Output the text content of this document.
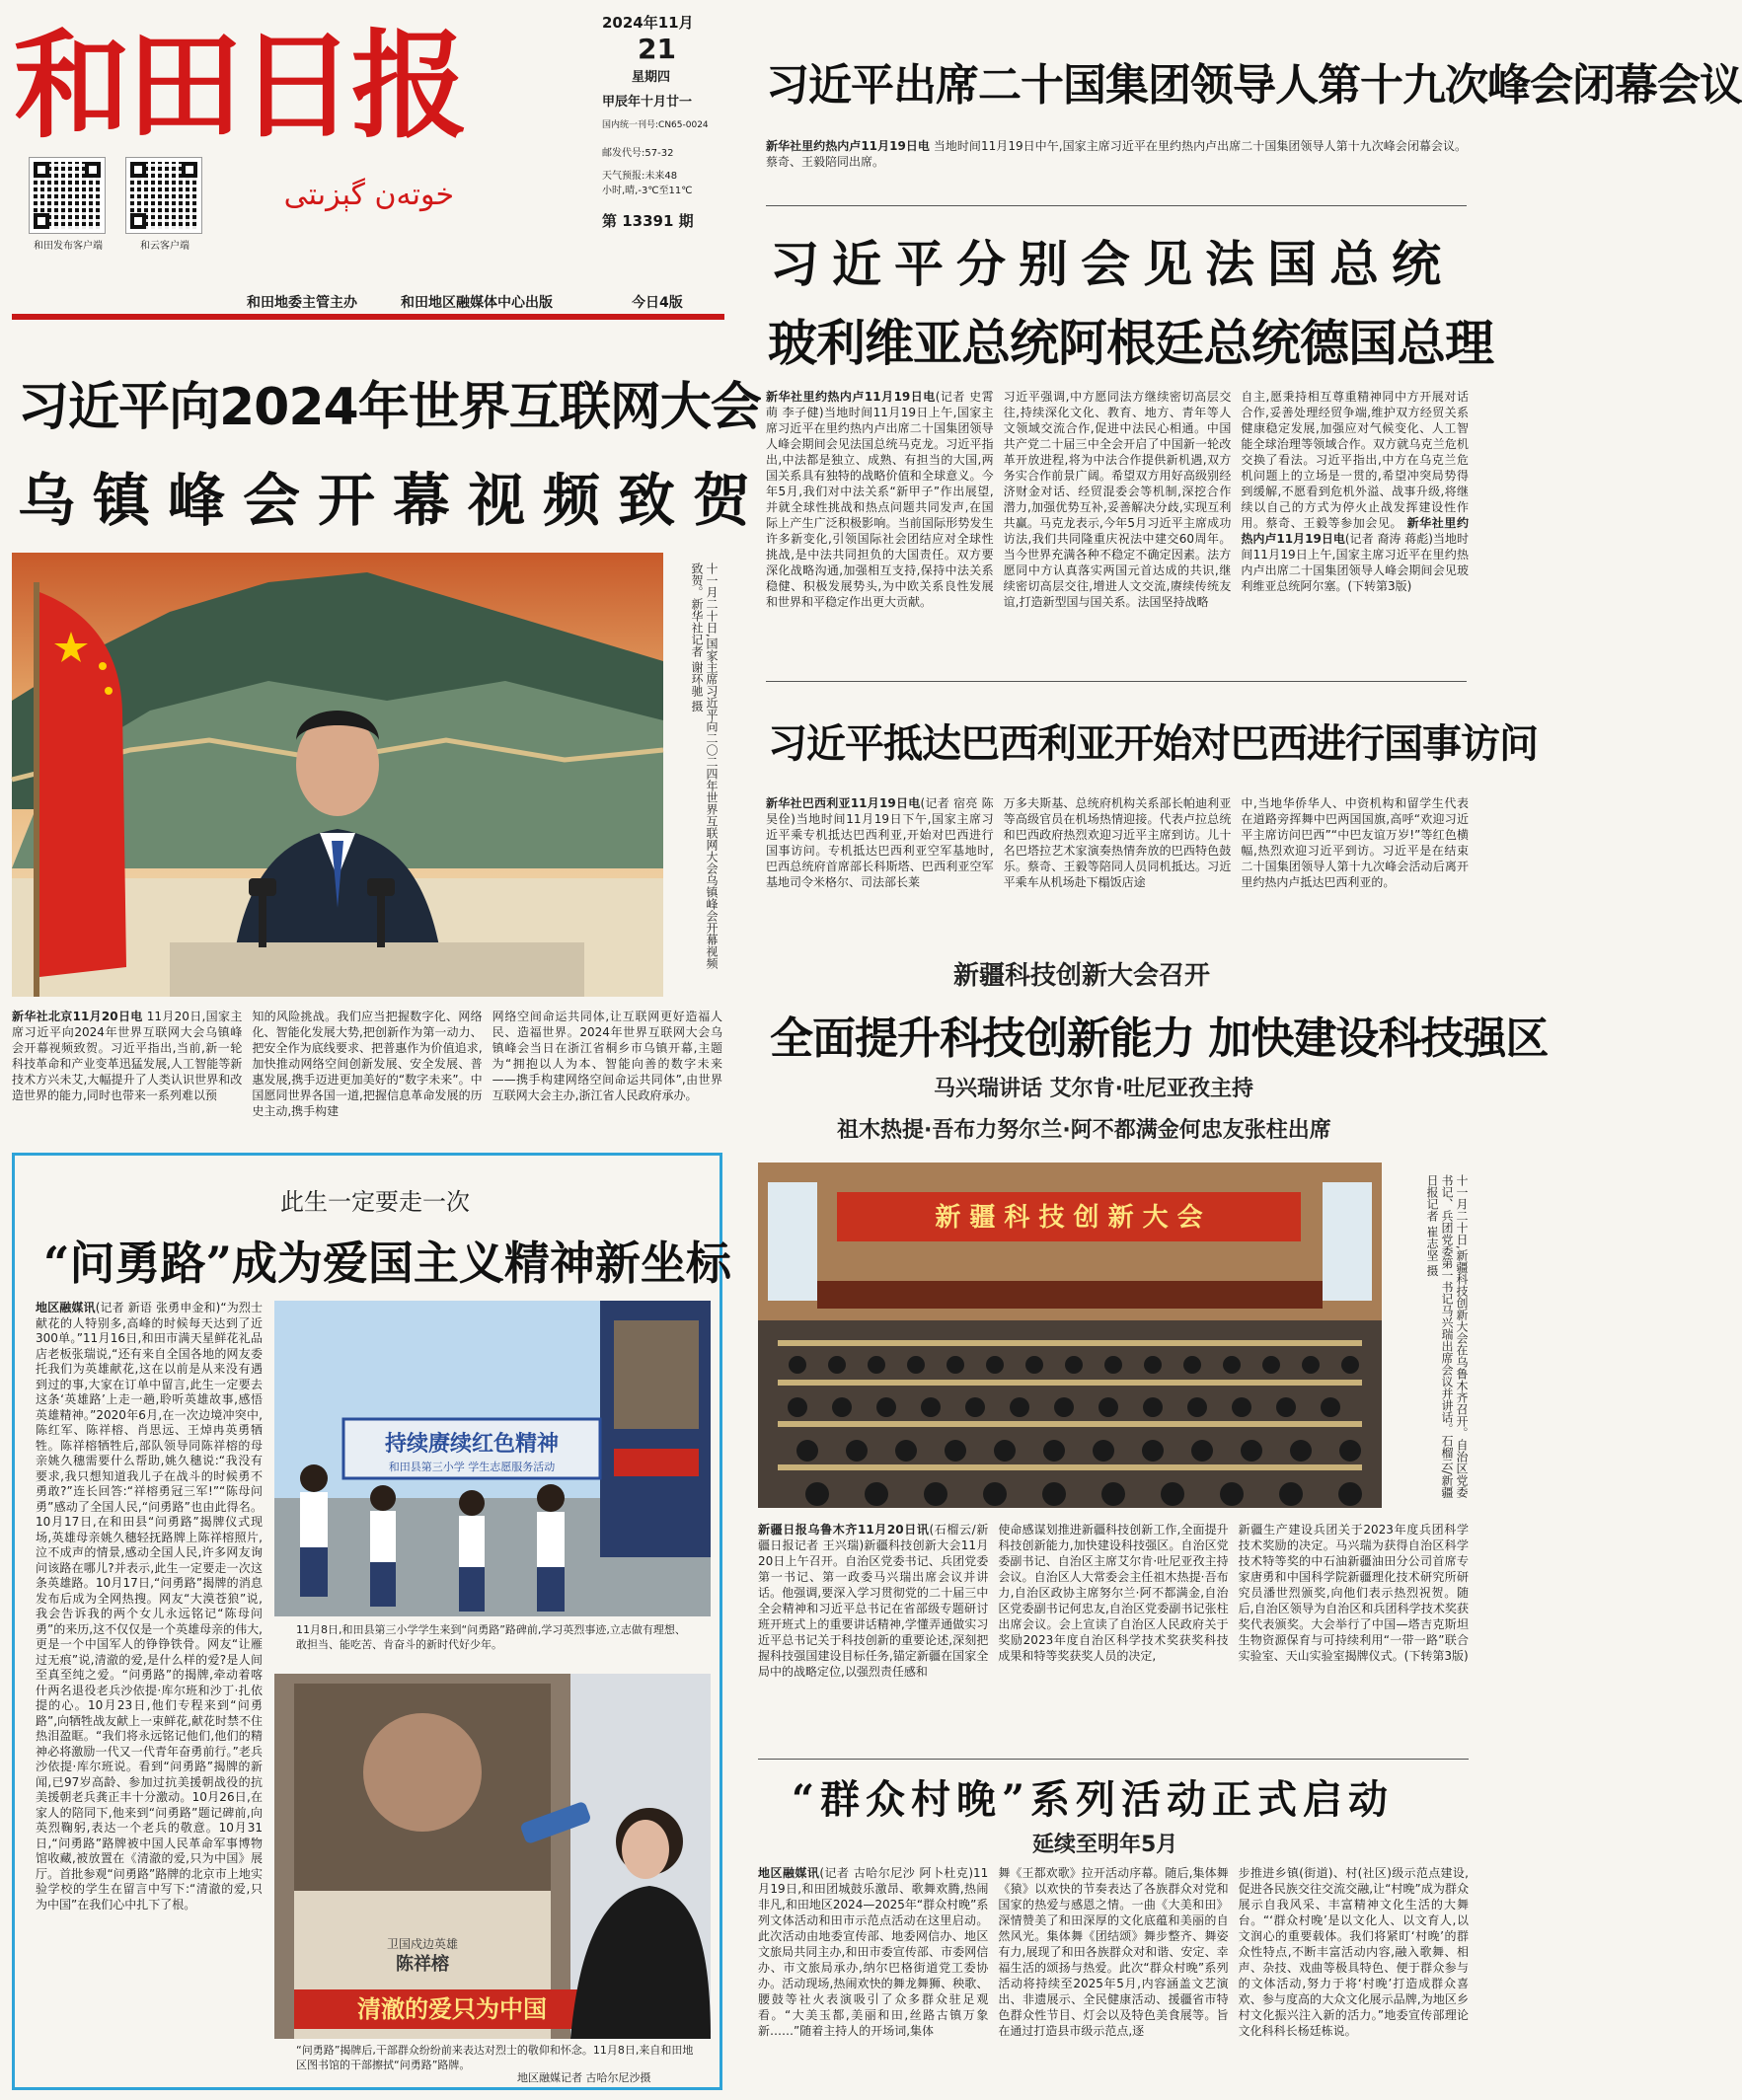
和田日报
和田发布客户端	和云客户端
خوتەن گېزىتى
和田地委主管主办	和田地区融媒体中心出版	今日4版
2024年11月
21
星期四
甲辰年十月廿一
国内统一刊号:CN65-0024
邮发代号:57-32
天气预报:未来48
小时,晴,-3℃至11℃
第 13391 期
习近平出席二十国集团领导人第十九次峰会闭幕会议
新华社里约热内卢11月19日电 当地时间11月19日中午,国家主席习近平在里约热内卢出席二十国集团领导人第十九次峰会闭幕会议。 蔡奇、王毅陪同出席。
习近平分别会见法国总统
玻利维亚总统阿根廷总统德国总理
新华社里约热内卢11月19日电(记者 史霄萌 李子健)当地时间11月19日上午,国家主席习近平在里约热内卢出席二十国集团领导人峰会期间会见法国总统马克龙。习近平指出,中法都是独立、成熟、有担当的大国,两国关系具有独特的战略价值和全球意义。今年5月,我们对中法关系“新甲子”作出展望,并就全球性挑战和热点问题共同发声,在国际上产生广泛积极影响。当前国际形势发生许多新变化,引领国际社会团结应对全球性挑战,是中法共同担负的大国责任。双方要深化战略沟通,加强相互支持,保持中法关系稳健、积极发展势头,为中欧关系良性发展和世界和平稳定作出更大贡献。
习近平强调,中方愿同法方继续密切高层交往,持续深化文化、教育、地方、青年等人文领域交流合作,促进中法民心相通。中国共产党二十届三中全会开启了中国新一轮改革开放进程,将为中法合作提供新机遇,双方务实合作前景广阔。希望双方用好高级别经济财金对话、经贸混委会等机制,深挖合作潜力,加强优势互补,妥善解决分歧,实现互利共赢。马克龙表示,今年5月习近平主席成功访法,我们共同隆重庆祝法中建交60周年。当今世界充满各种不稳定不确定因素。法方愿同中方认真落实两国元首达成的共识,继续密切高层交往,增进人文交流,赓续传统友谊,打造新型国与国关系。法国坚持战略
自主,愿秉持相互尊重精神同中方开展对话合作,妥善处理经贸争端,维护双方经贸关系健康稳定发展,加强应对气候变化、人工智能全球治理等领域合作。双方就乌克兰危机交换了看法。习近平指出,中方在乌克兰危机问题上的立场是一贯的,希望冲突局势得到缓解,不愿看到危机外溢、战事升级,将继续以自己的方式为停火止战发挥建设性作用。蔡奇、王毅等参加会见。 新华社里约热内卢11月19日电(记者 裔涛 蒋彪)当地时间11月19日上午,国家主席习近平在里约热内卢出席二十国集团领导人峰会期间会见玻利维亚总统阿尔塞。(下转第3版)
习近平向2024年世界互联网大会
乌镇峰会开幕视频致贺
十一月二十日,国家主席习近平向二〇二四年世界互联网大会乌镇峰会开幕视频致贺。新华社记者 谢环驰 摄
新华社北京11月20日电 11月20日,国家主席习近平向2024年世界互联网大会乌镇峰会开幕视频致贺。习近平指出,当前,新一轮科技革命和产业变革迅猛发展,人工智能等新技术方兴未艾,大幅提升了人类认识世界和改造世界的能力,同时也带来一系列难以预
知的风险挑战。我们应当把握数字化、网络化、智能化发展大势,把创新作为第一动力、把安全作为底线要求、把普惠作为价值追求,加快推动网络空间创新发展、安全发展、普惠发展,携手迈进更加美好的“数字未来”。中国愿同世界各国一道,把握信息革命发展的历史主动,携手构建
网络空间命运共同体,让互联网更好造福人民、造福世界。2024年世界互联网大会乌镇峰会当日在浙江省桐乡市乌镇开幕,主题为“拥抱以人为本、智能向善的数字未来——携手构建网络空间命运共同体”,由世界互联网大会主办,浙江省人民政府承办。
习近平抵达巴西利亚开始对巴西进行国事访问
新华社巴西利亚11月19日电(记者 宿亮 陈昊佺)当地时间11月19日下午,国家主席习近平乘专机抵达巴西利亚,开始对巴西进行国事访问。专机抵达巴西利亚空军基地时,巴西总统府首席部长科斯塔、巴西利亚空军基地司令米格尔、司法部长莱
万多夫斯基、总统府机构关系部长帕迪利亚等高级官员在机场热情迎接。代表卢拉总统和巴西政府热烈欢迎习近平主席到访。儿十名巴塔拉艺术家演奏热情奔放的巴西特色鼓乐。蔡奇、王毅等陪同人员同机抵达。习近平乘车从机场赴下榻饭店途
中,当地华侨华人、中资机构和留学生代表在道路旁挥舞中巴两国国旗,高呼“欢迎习近平主席访问巴西”“中巴友谊万岁!”等红色横幅,热烈欢迎习近平到访。习近平是在结束二十国集团领导人第十九次峰会活动后离开里约热内卢抵达巴西利亚的。
新疆科技创新大会召开
全面提升科技创新能力 加快建设科技强区
马兴瑞讲话 艾尔肯·吐尼亚孜主持
祖木热提·吾布力努尔兰·阿不都满金何忠友张柱出席
新 疆 科 技 创 新 大 会	十一月二十日,新疆科技创新大会在乌鲁木齐召开。自治区党委书记、兵团党委第一书记马兴瑞出席会议并讲话。石榴云/新疆日报记者 崔志坚 摄
新疆日报乌鲁木齐11月20日讯(石榴云/新疆日报记者 王兴瑞)新疆科技创新大会11月20日上午召开。自治区党委书记、兵团党委第一书记、第一政委马兴瑞出席会议并讲话。他强调,要深入学习贯彻党的二十届三中全会精神和习近平总书记在省部级专题研讨班开班式上的重要讲话精神,学懂弄通做实习近平总书记关于科技创新的重要论述,深刻把握科技强国建设目标任务,锚定新疆在国家全局中的战略定位,以强烈责任感和
使命感谋划推进新疆科技创新工作,全面提升科技创新能力,加快建设科技强区。自治区党委副书记、自治区主席艾尔肯·吐尼亚孜主持会议。自治区人大常委会主任祖木热提·吾布力,自治区政协主席努尔兰·阿不都满金,自治区党委副书记何忠友,自治区党委副书记张柱出席会议。会上宣读了自治区人民政府关于奖励2023年度自治区科学技术奖获奖科技成果和特等奖获奖人员的决定,
新疆生产建设兵团关于2023年度兵团科学技术奖励的决定。马兴瑞为获得自治区科学技术特等奖的中石油新疆油田分公司首席专家唐勇和中国科学院新疆理化技术研究所研究员潘世烈颁奖,向他们表示热烈祝贺。随后,自治区领导为自治区和兵团科学技术奖获奖代表颁奖。大会举行了中国—塔吉克斯坦生物资源保育与可持续利用“一带一路”联合实验室、天山实验室揭牌仪式。(下转第3版)
此生一定要走一次
“问勇路”成为爱国主义精神新坐标
地区融媒讯(记者 新语 张勇申金和)“为烈士献花的人特别多,高峰的时候每天达到了近300单。”11月16日,和田市满天星鲜花礼品店老板张瑞说,“还有来自全国各地的网友委托我们为英雄献花,这在以前是从来没有遇到过的事,大家在订单中留言,此生一定要去这条‘英雄路’上走一趟,聆听英雄故事,感悟英雄精神。”2020年6月,在一次边境冲突中,陈红军、陈祥榕、肖思远、王焯冉英勇牺牲。陈祥榕牺牲后,部队领导同陈祥榕的母亲姚久穗需要什么帮助,姚久穗说:“我没有要求,我只想知道我儿子在战斗的时候勇不勇敢?”连长回答:“祥榕勇冠三军!”“陈母问勇”感动了全国人民,“问勇路”也由此得名。10月17日,在和田县“问勇路”揭牌仪式现场,英雄母亲姚久穗轻抚路牌上陈祥榕照片,泣不成声的情景,感动全国人民,许多网友询问该路在哪儿?并表示,此生一定要走一次这条英雄路。10月17日,“问勇路”揭牌的消息发布后成为全网热搜。网友“大漠苍狼”说,我会告诉我的两个女儿永远铭记“陈母问勇”的来历,这不仅仅是一个英雄母亲的伟大,更是一个中国军人的铮铮铁骨。网友“让雁过无痕”说,清澈的爱,是什么样的爱?是人间至真至纯之爱。“问勇路”的揭牌,牵动着喀什两名退役老兵沙依提·库尔班和沙丁·扎依提的心。10月23日,他们专程来到“问勇路”,向牺牲战友献上一束鲜花,献花时禁不住热泪盈眶。“我们将永远铭记他们,他们的精神必将激励一代又一代青年奋勇前行。”老兵沙依提·库尔班说。看到“问勇路”揭牌的新闻,已97岁高龄、参加过抗美援朝战役的抗美援朝老兵龚正丰十分激动。10月26日,在家人的陪同下,他来到“问勇路”题记碑前,向英烈鞠躬,表达一个老兵的敬意。10月31日,“问勇路”路牌被中国人民革命军事博物馆收藏,被放置在《清澈的爱,只为中国》展厅。首批参观“问勇路”路牌的北京市上地实验学校的学生在留言中写下:“清澈的爱,只为中国”在我们心中扎下了根。
持续赓续红色精神
和田县第三小学 学生志愿服务活动
11月8日,和田县第三小学学生来到“问勇路”路碑前,学习英烈事迹,立志做有理想、敢担当、能吃苦、肯奋斗的新时代好少年。
卫国戍边英雄
陈祥榕
清澈的爱只为中国
“问勇路”揭牌后,干部群众纷纷前来表达对烈士的敬仰和怀念。11月8日,来自和田地区图书馆的干部擦拭“问勇路”路牌。
地区融媒记者 古哈尔尼沙摄
“群众村晚”系列活动正式启动
延续至明年5月
地区融媒讯(记者 古哈尔尼沙 阿卜杜克)11月19日,和田团城鼓乐激昂、歌舞欢腾,热闹非凡,和田地区2024—2025年“群众村晚”系列文体活动和田市示范点活动在这里启动。此次活动由地委宣传部、地委网信办、地区文旅局共同主办,和田市委宣传部、市委网信办、市文旅局承办,纳尔巴格街道党工委协办。活动现场,热闹欢快的舞龙舞狮、秧歌、腰鼓等社火表演吸引了众多群众驻足观看。“大美玉都,美丽和田,丝路古镇万象新……”随着主持人的开场词,集体
舞《王都欢歌》拉开活动序幕。随后,集体舞《猿》以欢快的节奏表达了各族群众对党和国家的热爱与感恩之情。一曲《大美和田》深情赞美了和田深厚的文化底蕴和美丽的自然风光。集体舞《团结颂》舞步整齐、舞姿有力,展现了和田各族群众对和谐、安定、幸福生活的颂扬与热爱。此次“群众村晚”系列活动将持续至2025年5月,内容涵盖文艺演出、非遗展示、全民健康活动、援疆省市特色群众性节目、灯会以及特色美食展等。旨在通过打造县市级示范点,逐
步推进乡镇(街道)、村(社区)级示范点建设,促进各民族交往交流交融,让“村晚”成为群众展示自我风采、丰富精神文化生活的大舞台。“‘群众村晚’是以文化人、以文育人,以文润心的重要载体。我们将紧盯‘村晚’的群众性特点,不断丰富活动内容,融入歌舞、相声、杂技、戏曲等极具特色、便于群众参与的文体活动,努力于将‘村晚’打造成群众喜欢、参与度高的大众文化展示品牌,为地区乡村文化振兴注入新的活力。”地委宣传部理论文化科科长杨廷栋说。
